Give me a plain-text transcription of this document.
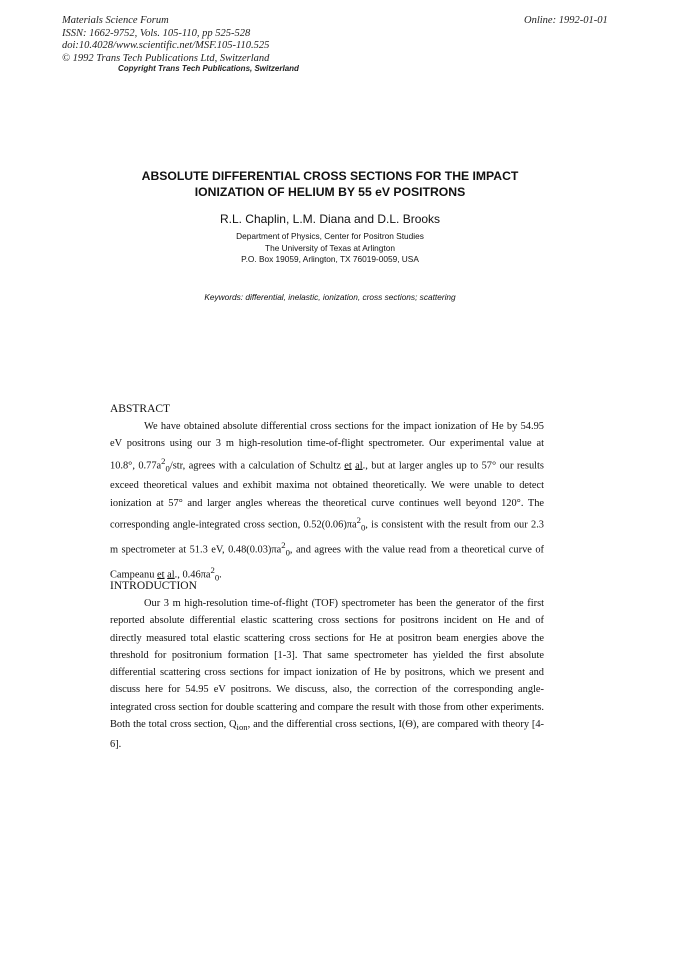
Materials Science Forum
ISSN: 1662-9752, Vols. 105-110, pp 525-528
doi:10.4028/www.scientific.net/MSF.105-110.525
© 1992 Trans Tech Publications Ltd, Switzerland
Online: 1992-01-01
Copyright Trans Tech Publications, Switzerland
ABSOLUTE DIFFERENTIAL CROSS SECTIONS FOR THE IMPACT
IONIZATION OF HELIUM BY 55 eV POSITRONS
R.L. Chaplin, L.M. Diana and D.L. Brooks
Department of Physics, Center for Positron Studies
The University of Texas at Arlington
P.O. Box 19059, Arlington, TX 76019-0059, USA
Keywords: differential, inelastic, ionization, cross sections; scattering
ABSTRACT

We have obtained absolute differential cross sections for the impact ionization of He by 54.95 eV positrons using our 3 m high-resolution time-of-flight spectrometer. Our experimental value at 10.8°, $0.77a^2_0$/str, agrees with a calculation of Schultz et al., but at larger angles up to 57° our results exceed theoretical values and exhibit maxima not obtained theoretically. We were unable to detect ionization at 57° and larger angles whereas the theoretical curve continues well beyond 120°. The corresponding angle-integrated cross section, $0.52(0.06)\pi a^2_0$, is consistent with the result from our 2.3 m spectrometer at 51.3 eV, $0.48(0.03)\pi a^2_0$, and agrees with the value read from a theoretical curve of Campeanu et al., $0.46\pi a^2_0$.

INTRODUCTION

Our 3 m high-resolution time-of-flight (TOF) spectrometer has been the generator of the first reported absolute differential elastic scattering cross sections for positrons incident on He and of directly measured total elastic scattering cross sections for He at positron beam energies above the threshold for positronium formation [1-3]. That same spectrometer has yielded the first absolute differential scattering cross sections for impact ionization of He by positrons, which we present and discuss here for 54.95 eV positrons. We discuss, also, the correction of the corresponding angle-integrated cross section for double scattering and compare the result with those from other experiments. Both the total cross section, $Q_{ion}$, and the differential cross sections, I(Θ), are compared with theory [4-6].
